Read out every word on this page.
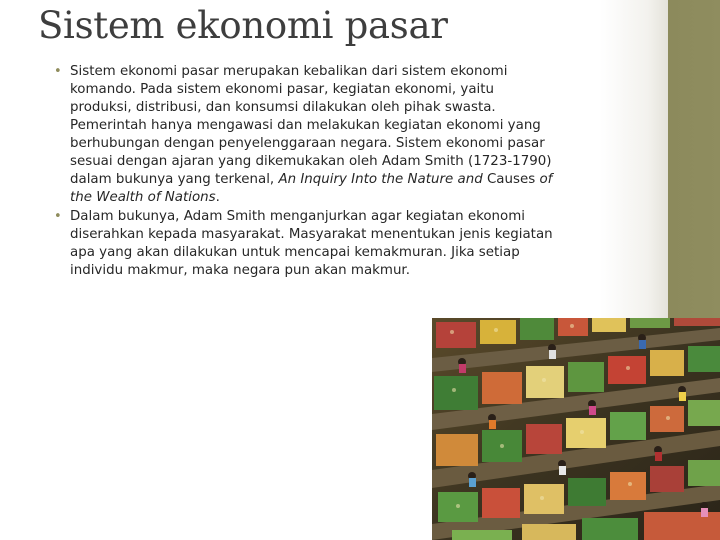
Sistem ekonomi pasar
• Sistem ekonomi pasar merupakan kebalikan dari sistem ekonomi komando. Pada sistem ekonomi pasar, kegiatan ekonomi, yaitu produksi, distribusi, dan konsumsi dilakukan oleh pihak swasta. Pemerintah hanya mengawasi dan melakukan kegiatan ekonomi yang berhubungan dengan penyelenggaraan negara. Sistem ekonomi pasar sesuai dengan ajaran yang dikemukakan oleh Adam Smith (1723-1790) dalam bukunya yang terkenal, An Inquiry Into the Nature and Causes of the Wealth of Nations.
• Dalam bukunya, Adam Smith menganjurkan agar kegiatan ekonomi diserahkan kepada masyarakat. Masyarakat menentukan jenis kegiatan apa yang akan dilakukan untuk mencapai kemakmuran. Jika setiap individu makmur, maka negara pun akan makmur.
